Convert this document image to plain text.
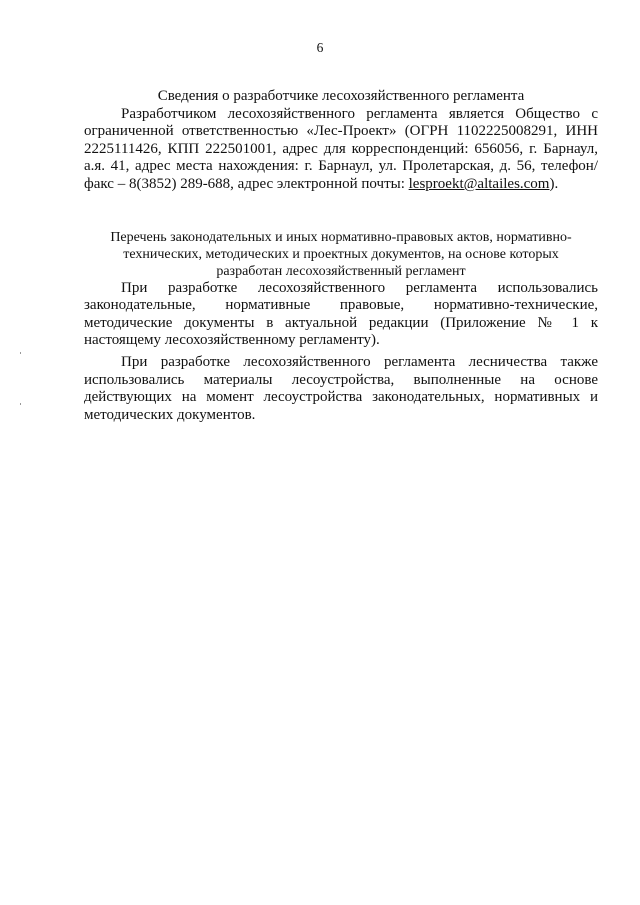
6

Сведения о разработчике лесохозяйственного регламента

Разработчиком лесохозяйственного регламента является Общество с ограниченной ответственностью «Лес-Проект» (ОГРН 1102225008291, ИНН 2225111426, КПП 222501001, адрес для корреспонденций: 656056, г. Барнаул, а.я. 41, адрес места нахождения: г. Барнаул, ул. Пролетарская, д. 56, телефон/факс – 8(3852) 289-688, адрес электронной почты: lesproekt@altailes.com).

Перечень законодательных и иных нормативно-правовых актов, нормативно-
технических, методических и проектных документов, на основе которых
разработан лесохозяйственный регламент

При разработке лесохозяйственного регламента использовались законодательные, нормативные правовые, нормативно-технические, методические документы в актуальной редакции (Приложение № 1 к настоящему лесохозяйственному регламенту).

При разработке лесохозяйственного регламента лесничества также использовались материалы лесоустройства, выполненные на основе действующих на момент лесоустройства законодательных, нормативных и методических документов.
